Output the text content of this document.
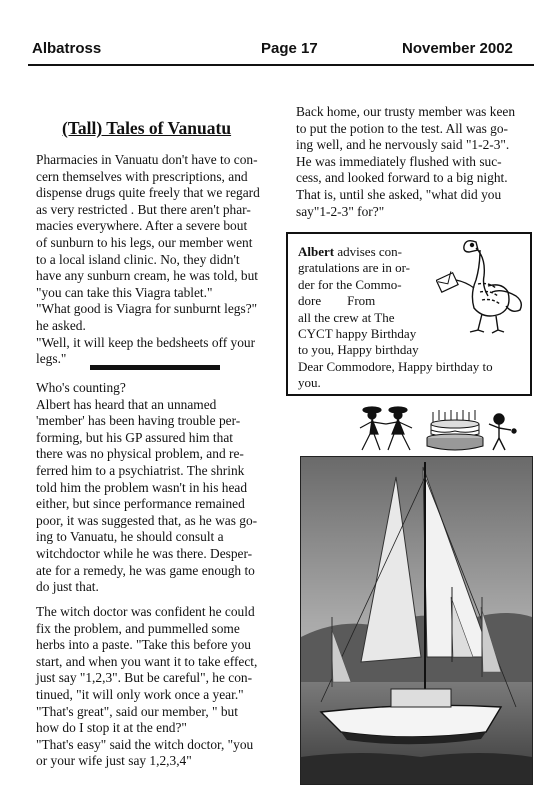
Albatross	Page 17	November 2002
(Tall) Tales of Vanuatu

Pharmacies in Vanuatu don't have to con-

cern themselves with prescriptions, and

dispense drugs quite freely that we regard

as very restricted . But there aren't phar-

macies everywhere. After a severe bout

of sunburn to his legs, our member went

to a local island clinic. No, they didn't

have any sunburn cream, he was told, but

"you can take this Viagra tablet."

"What good is Viagra for sunburnt legs?"

he asked.

"Well, it will keep the bedsheets off your

legs."

Who's counting?

Albert has heard that an unnamed

'member' has been having trouble per-

forming, but his GP assured him that

there was no physical problem, and re-

ferred him to a psychiatrist. The shrink

told him the problem wasn't in his head

either, but since performance remained

poor, it was suggested that, as he was go-

ing to Vanuatu, he should consult a

witchdoctor while he was there. Desper-

ate for a remedy, he was game enough to

do just that.

The witch doctor was confident he could

fix the problem, and pummelled some

herbs into a paste. "Take this before you

start, and when you want it to take effect,

just say "1,2,3". But be careful", he con-

tinued, "it will only work once a year."

"That's great", said our member, " but

how do I stop it at the end?"

"That's easy" said the witch doctor, "you

or your wife just say 1,2,3,4"

Back home, our trusty member was keen

to put the potion to the test. All was go-

ing well, and he nervously said "1-2-3".

He was immediately flushed with suc-

cess, and looked forward to a big night.

That is, until she asked, "what did you

say"1-2-3" for?"

Albert advises con-

gratulations are in or-

der for the Commo-

dore        From

all the crew at The

CYCT happy Birthday

to you, Happy birthday

Dear Commodore, Happy birthday to

you.
